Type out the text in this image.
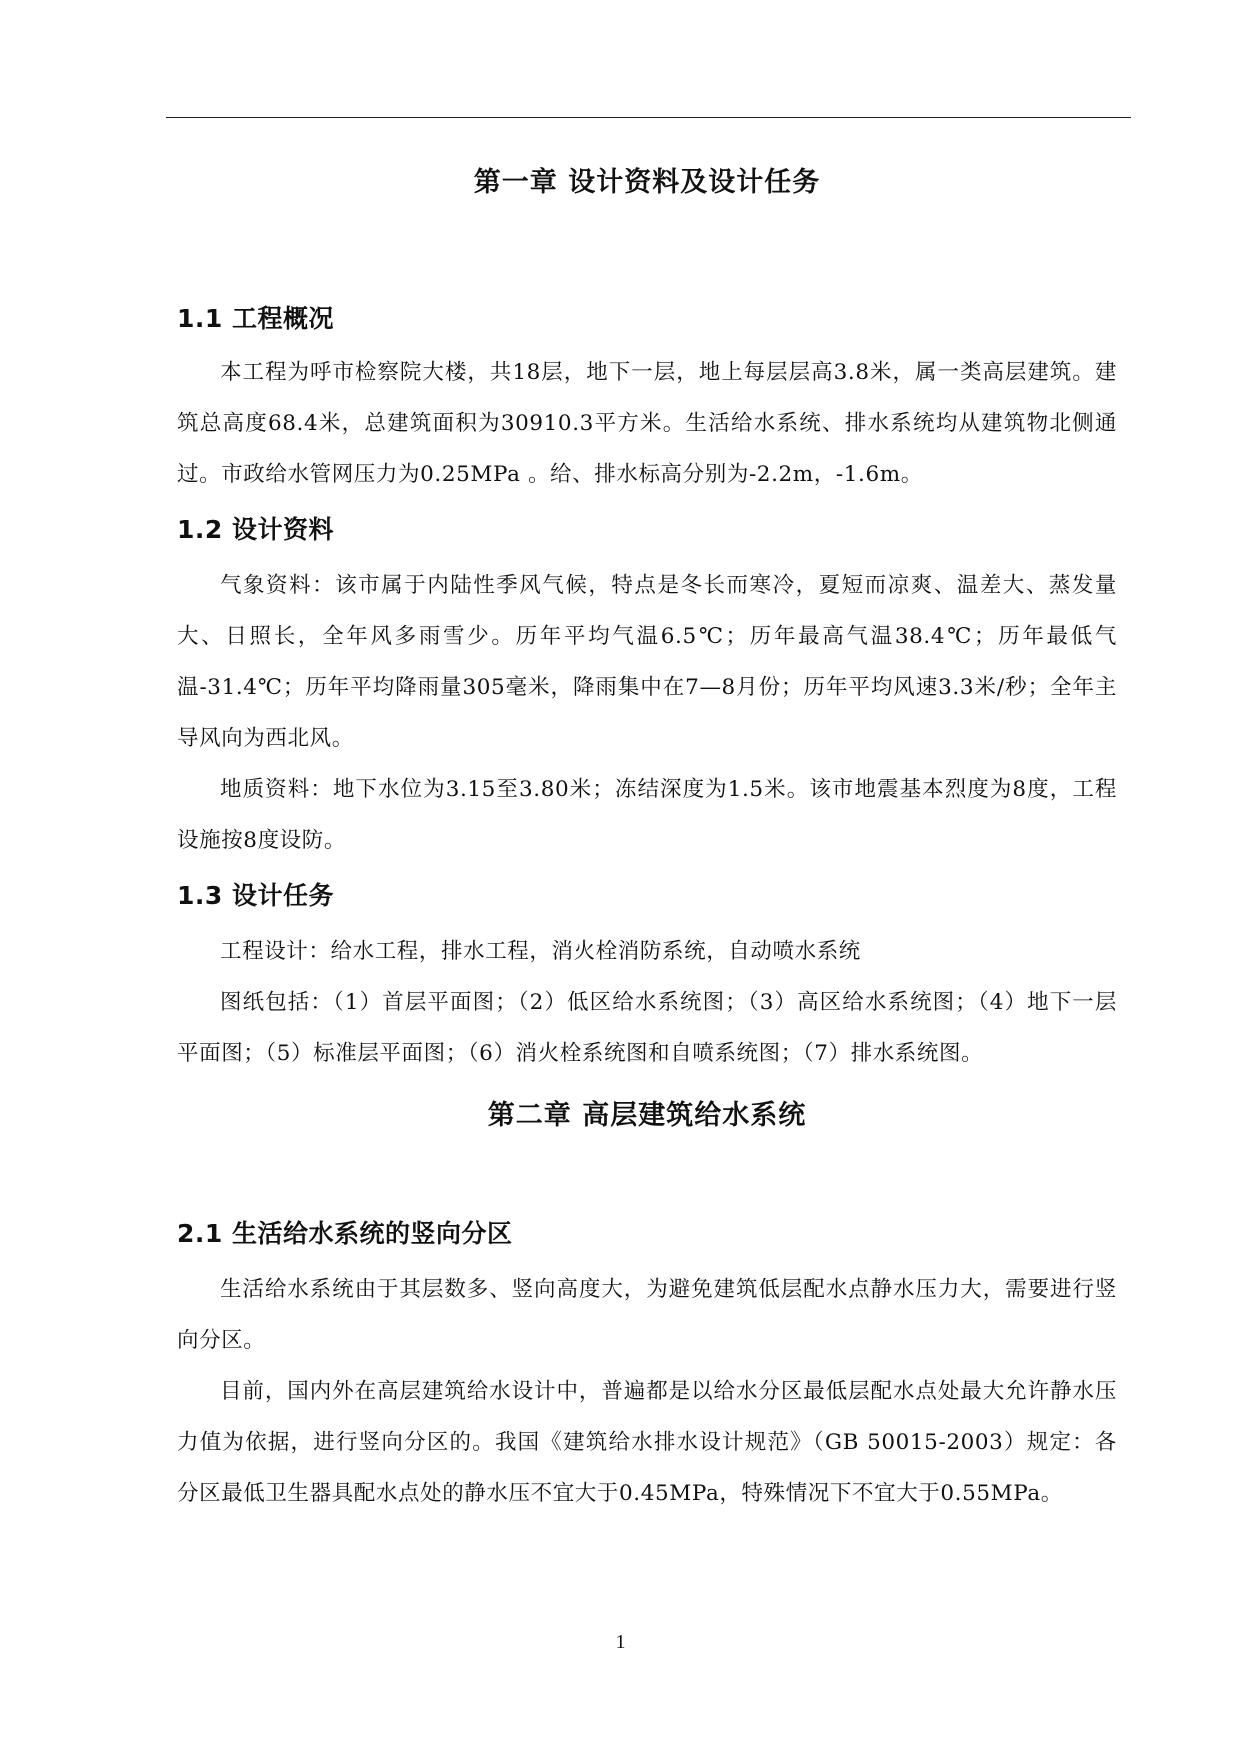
第一章 设计资料及设计任务
1.1 工程概况

本工程为呼市检察院大楼，共18层，地下一层，地上每层层高3.8米，属一类高层建筑。建筑总高度68.4米，总建筑面积为30910.3平方米。生活给水系统、排水系统均从建筑物北侧通过。市政给水管网压力为0.25MPa 。给、排水标高分别为-2.2m，-1.6m。

1.2 设计资料

气象资料：该市属于内陆性季风气候，特点是冬长而寒冷，夏短而凉爽、温差大、蒸发量大、日照长，全年风多雨雪少。历年平均气温6.5℃；历年最高气温38.4℃；历年最低气温-31.4℃；历年平均降雨量305毫米，降雨集中在7—8月份；历年平均风速3.3米/秒；全年主导风向为西北风。

地质资料：地下水位为3.15至3.80米；冻结深度为1.5米。该市地震基本烈度为8度，工程设施按8度设防。

1.3 设计任务

工程设计：给水工程，排水工程，消火栓消防系统，自动喷水系统

图纸包括：（1）首层平面图；（2）低区给水系统图；（3）高区给水系统图；（4）地下一层平面图；（5）标准层平面图；（6）消火栓系统图和自喷系统图；（7）排水系统图。

第二章 高层建筑给水系统
2.1 生活给水系统的竖向分区

生活给水系统由于其层数多、竖向高度大，为避免建筑低层配水点静水压力大，需要进行竖向分区。

目前，国内外在高层建筑给水设计中，普遍都是以给水分区最低层配水点处最大允许静水压力值为依据，进行竖向分区的。我国《建筑给水排水设计规范》（GB 50015-2003）规定：各分区最低卫生器具配水点处的静水压不宜大于0.45MPa，特殊情况下不宜大于0.55MPa。

1
